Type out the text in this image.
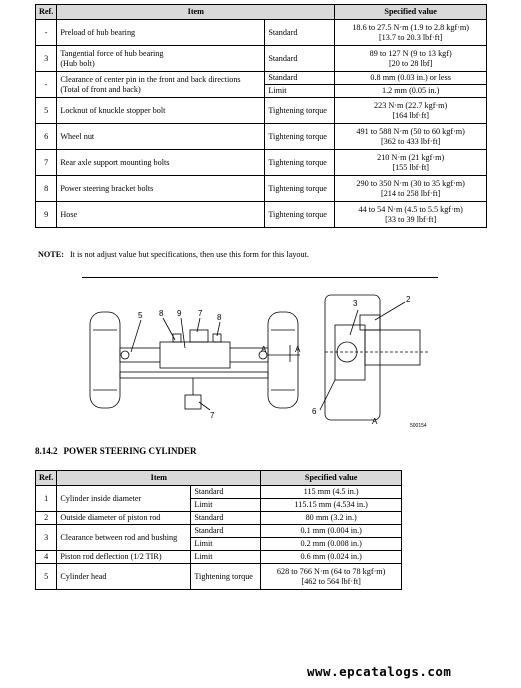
Ref.	Item		Specified value
-	Preload of hub bearing	Standard	18.6 to 27.5 N·m (1.9 to 2.8 kgf·m)
[13.7 to 20.3 lbf·ft]
3	Tangential force of hub bearing
(Hub bolt)	Standard	89 to 127 N (9 to 13 kgf)
[20 to 28 lbf]
-	Clearance of center pin in the front and back directions
(Total of front and back)	Standard	0.8 mm (0.03 in.) or less
		Limit	1.2 mm (0.05 in.)
5	Locknut of knuckle stopper bolt	Tightening torque	223 N·m (22.7 kgf·m)
[164 lbf·ft]
6	Wheel nut	Tightening torque	491 to 588 N·m (50 to 60 kgf·m)
[362 to 433 lbf·ft]
7	Rear axle support mounting bolts	Tightening torque	210 N·m (21 kgf·m)
[155 lbf·ft]
8	Power steering bracket bolts	Tightening torque	290 to 350 N·m (30 to 35 kgf·m)
[214 to 258 lbf·ft]
9	Hose	Tightening torque	44 to 54 N·m (4.5 to 5.5 kgf·m)
[33 to 39 lbf·ft]
NOTE: It is not adjust value but specifications, then use this form for this layout.
5 8 9 7 8
7
3	2
6
A	A
A	500154
8.14.2 POWER STEERING CYLINDER
Ref.	Item		Specified value
1	Cylinder inside diameter	Standard	115 mm (4.5 in.)
		Limit	115.15 mm (4.534 in.)
2	Outside diameter of piston rod	Standard	80 mm (3.2 in.)
3	Clearance between rod and bushing	Standard	0.1 mm (0.004 in.)
		Limit	0.2 mm (0.008 in.)
4	Piston rod deflection (1/2 TIR)	Limit	0.6 mm (0.024 in.)
5	Cylinder head	Tightening torque	628 to 766 N·m (64 to 78 kgf·m)
[462 to 564 lbf·ft]
www.epcatalogs.com
